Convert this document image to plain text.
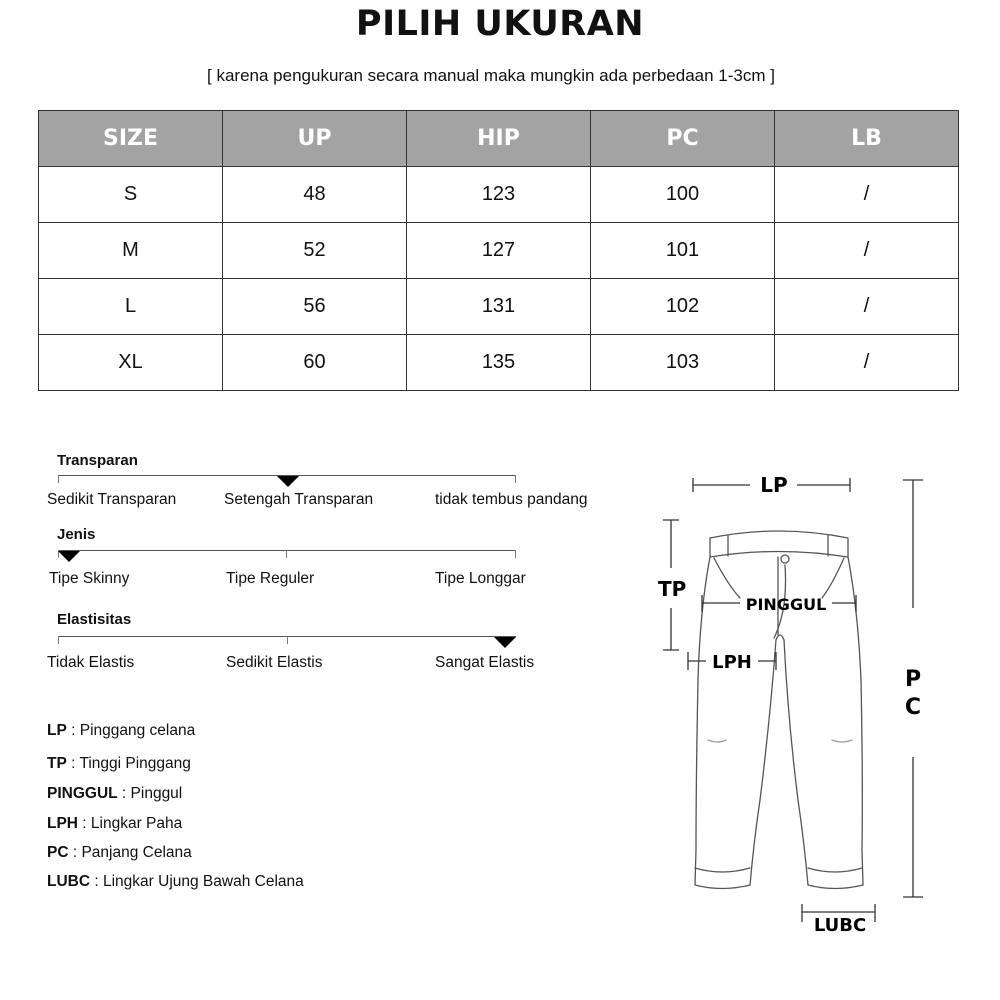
PILIH UKURAN
[ karena pengukuran secara manual maka mungkin ada perbedaan 1-3cm ]
SIZE	UP	HIP	PC	LB
S	48	123	100	/
M	52	127	101	/
L	56	131	102	/
XL	60	135	103	/
Transparan
Sedikit Transparan	Setengah Transparan	tidak tembus pandang
Jenis
Tipe Skinny	Tipe Reguler	Tipe Longgar
Elastisitas
Tidak Elastis	Sedikit Elastis	Sangat Elastis
LP : Pinggang celana
TP : Tinggi Pinggang
PINGGUL : Pinggul
LPH : Lingkar Paha
PC : Panjang Celana
LUBC : Lingkar Ujung Bawah Celana
LP
TP
PINGGUL
LPH
P
C
LUBC
